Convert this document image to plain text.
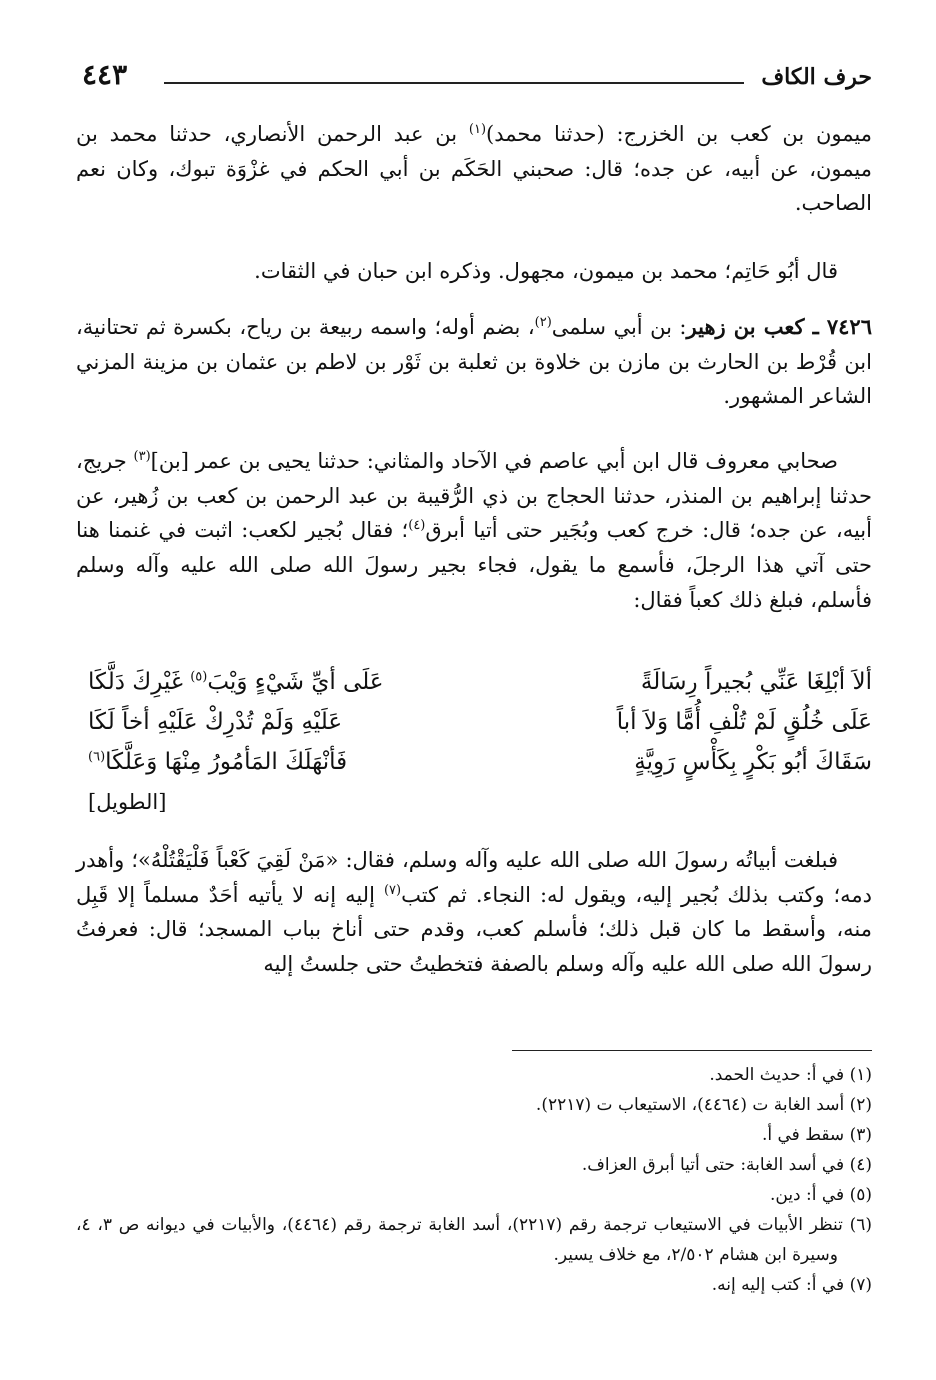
٤٤٣	حرف الكاف
ميمون بن كعب بن الخزرج: (حدثنا محمد)$^{(١)}$ بن عبد الرحمن الأنصاري، حدثنا محمد بن ميمون، عن أبيه، عن جده؛ قال: صحبني الحَكَم بن أبي الحكم في غزْوَة تبوك، وكان نعم الصاحب.
قال أبُو حَاتِم؛ محمد بن ميمون، مجهول. وذكره ابن حبان في الثقات.
٧٤٢٦ ـ كعب بن زهير: بن أبي سلمى$^{(٢)}$، بضم أوله؛ واسمه ربيعة بن رياح، بكسرة ثم تحتانية، ابن قُرْط بن الحارث بن مازن بن خلاوة بن ثعلبة بن ثَوْر بن لاطم بن عثمان بن مزينة المزني الشاعر المشهور.
صحابي معروف قال ابن أبي عاصم في الآحاد والمثاني: حدثنا يحيى بن عمر [بن]$^{(٣)}$ جريج، حدثنا إبراهيم بن المنذر، حدثنا الحجاج بن ذي الرُّقيبة بن عبد الرحمن بن كعب بن زُهير، عن أبيه، عن جده؛ قال: خرج كعب وبُجَير حتى أتيا أبرق$^{(٤)}$؛ فقال بُجير لكعب: اثبت في غنمنا هنا حتى آتي هذا الرجلَ، فأسمع ما يقول، فجاء بجير رسولَ الله صلى الله عليه وآله وسلم فأسلم، فبلغ ذلك كعباً فقال:
ألاَ أبْلِغَا عَنِّي بُجيراً رِسَالَةً
عَلَى أيِّ شَيْءٍ وَيْبَ$^{(٥)}$ غَيْرِكَ دَلَّكَا
عَلَى خُلُقٍ لَمْ تُلْفِ أُمًّا وَلاَ أباً
عَلَيْهِ وَلَمْ تُدْرِكْ عَلَيْهِ أخاً لَكَا
سَقَاكَ أبُو بَكْرٍ بِكَأْسٍ رَوِيَّةٍ
فَأنْهَلَكَ المَأمُورُ مِنْهَا وَعَلَّكَا$^{(٦)}$
[الطويل]
فبلغت أبياتُه رسولَ الله صلى الله عليه وآله وسلم، فقال: «مَنْ لَقِيَ كَعْباً فَلْيَقْتُلْهُ»؛ وأهدر دمه؛ وكتب بذلك بُجير إليه، ويقول له: النجاء. ثم كتب$^{(٧)}$ إليه إنه لا يأتيه أحَدٌ مسلماً إلا قَبِل منه، وأسقط ما كان قبل ذلك؛ فأسلم كعب، وقدم حتى أناخ بباب المسجد؛ قال: فعرفتُ رسولَ الله صلى الله عليه وآله وسلم بالصفة فتخطيتُ حتى جلستُ إليه
(١) في أ: حديث الحمد.
(٢) أسد الغابة ت (٤٤٦٤)، الاستيعاب ت (٢٢١٧).
(٣) سقط في أ.
(٤) في أسد الغابة: حتى أتيا أبرق العزاف.
(٥) في أ: دين.
(٦) تنظر الأبيات في الاستيعاب ترجمة رقم (٢٢١٧)، أسد الغابة ترجمة رقم (٤٤٦٤)، والأبيات في ديوانه ص ٣، ٤، وسيرة ابن هشام ٢/٥٠٢، مع خلاف يسير.
(٧) في أ: كتب إليه إنه.
